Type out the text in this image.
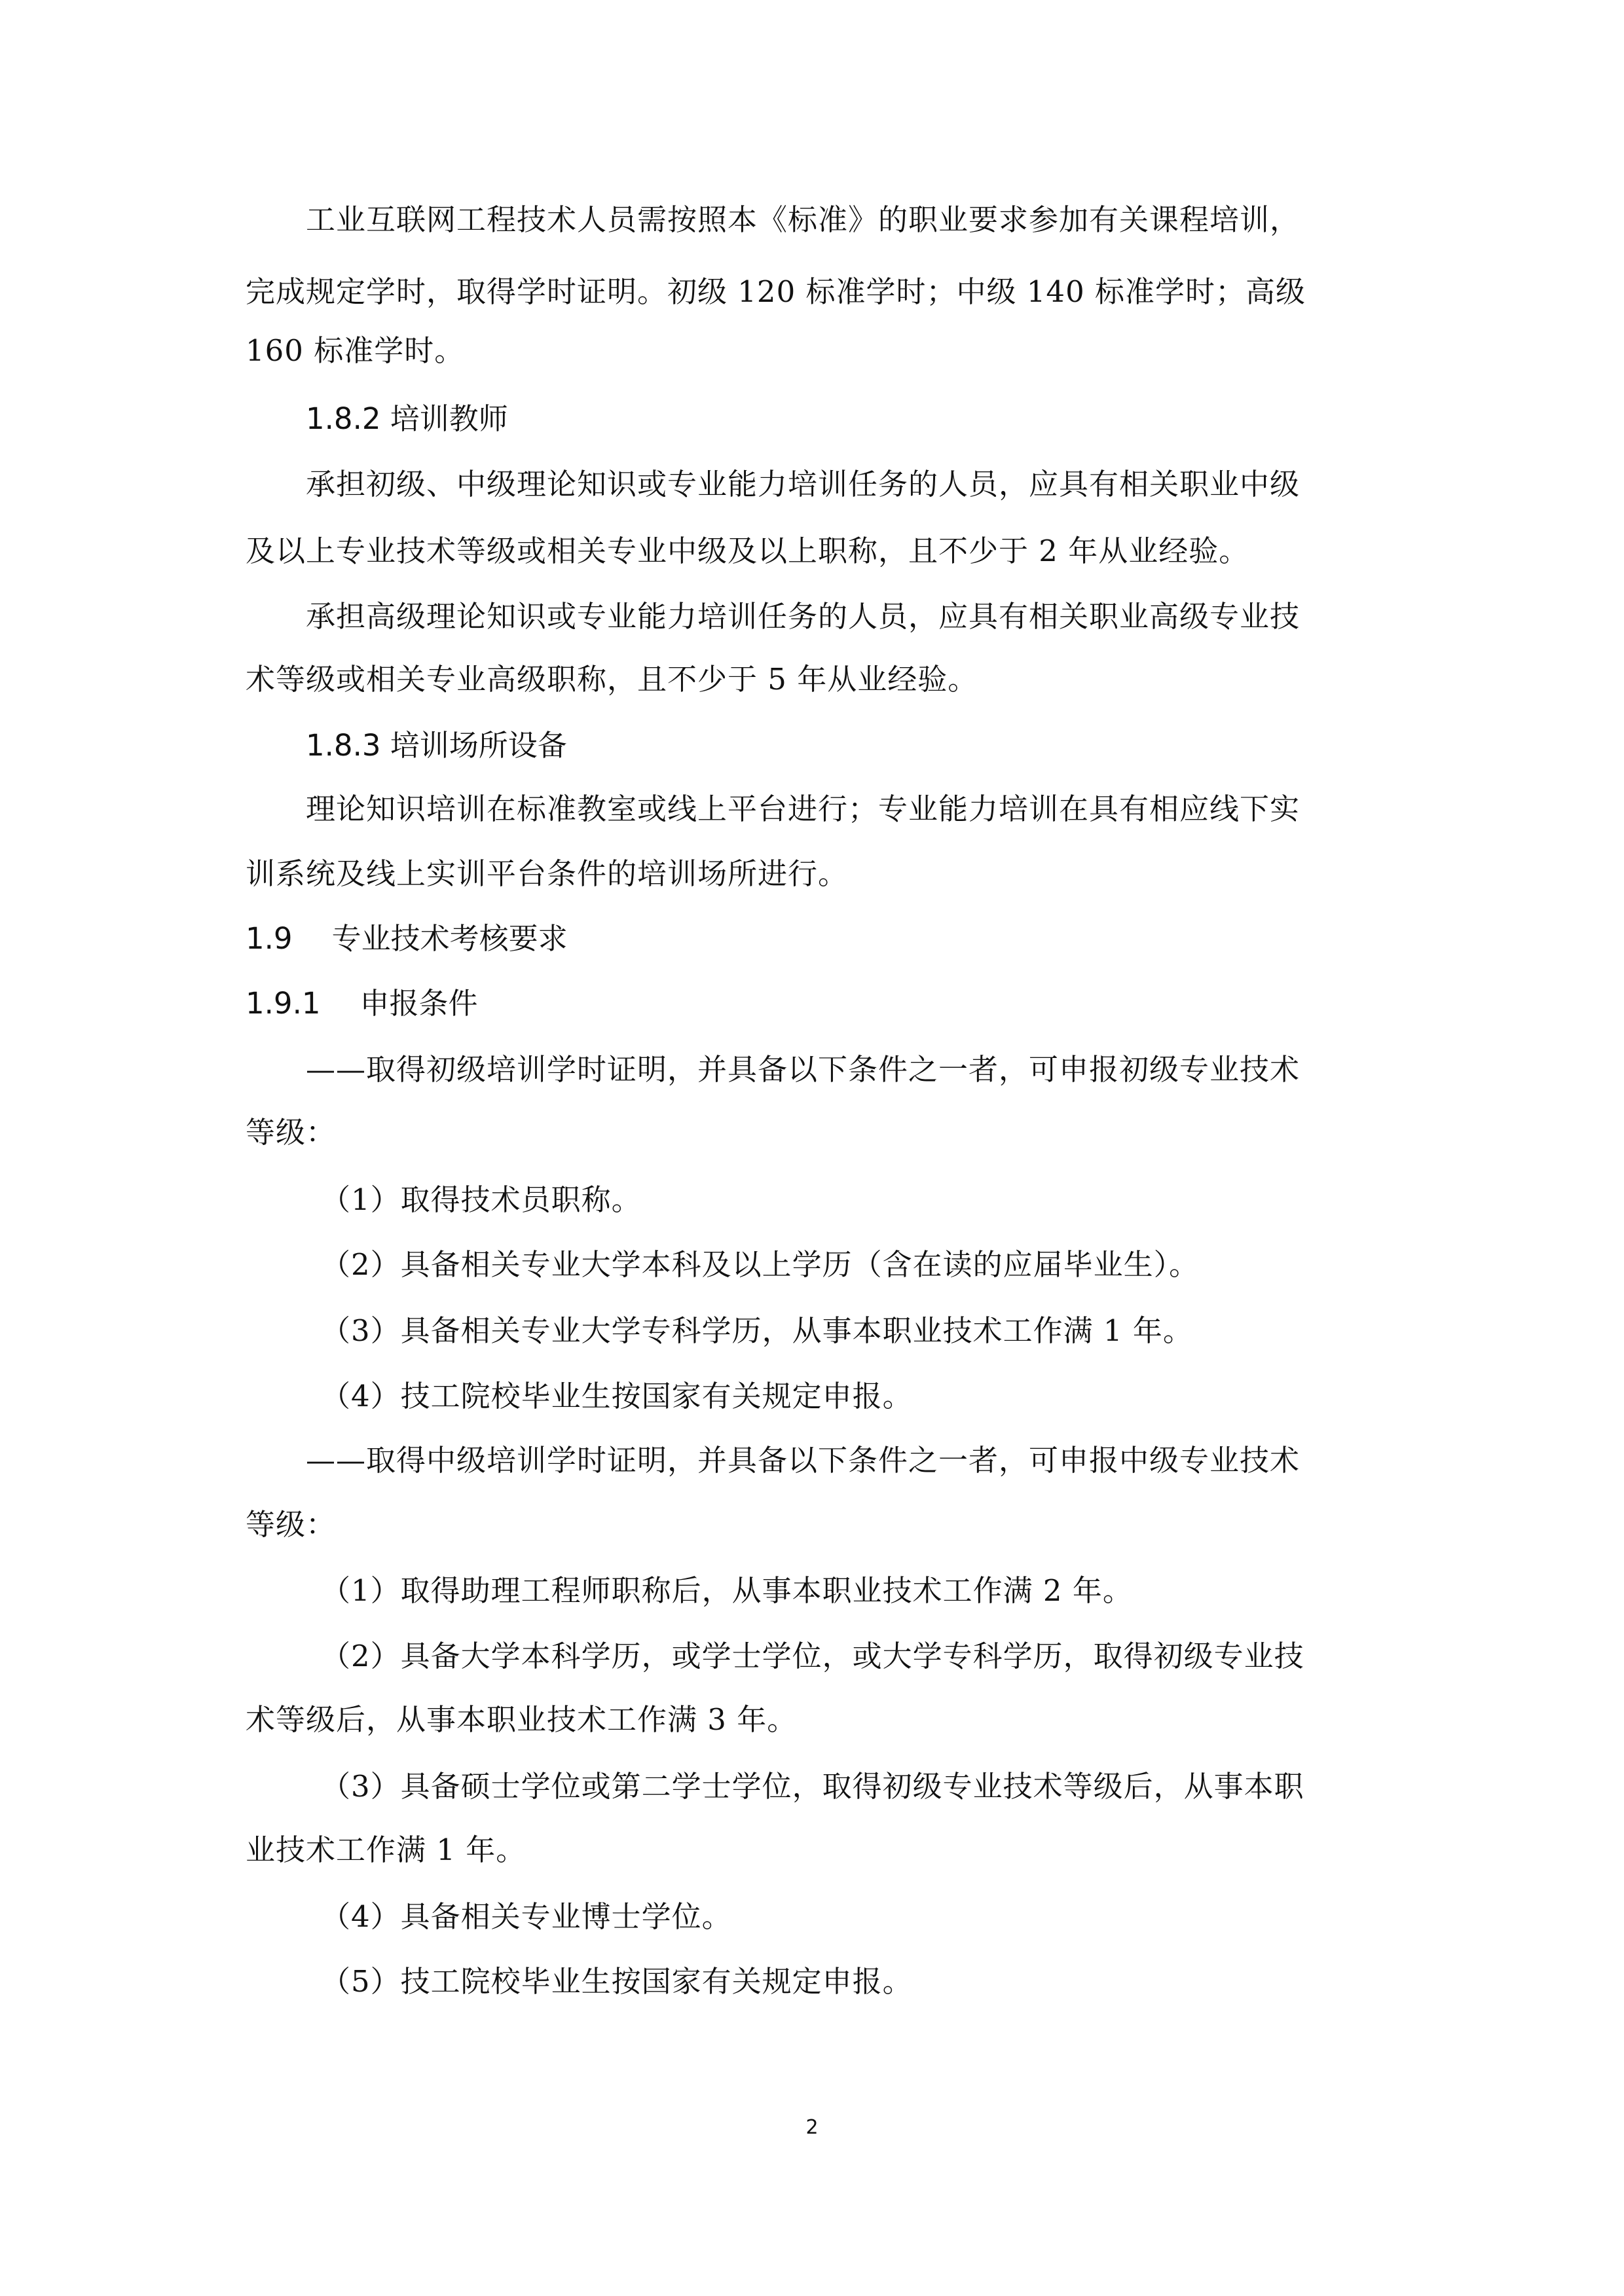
工业互联网工程技术人员需按照本《标准》的职业要求参加有关课程培训，

完成规定学时，取得学时证明。初级 120 标准学时；中级 140 标准学时；高级

160 标准学时。

1.8.2 培训教师

承担初级、中级理论知识或专业能力培训任务的人员，应具有相关职业中级

及以上专业技术等级或相关专业中级及以上职称，且不少于 2 年从业经验。

承担高级理论知识或专业能力培训任务的人员，应具有相关职业高级专业技

术等级或相关专业高级职称，且不少于 5 年从业经验。

1.8.3 培训场所设备

理论知识培训在标准教室或线上平台进行；专业能力培训在具有相应线下实

训系统及线上实训平台条件的培训场所进行。

1.9 专业技术考核要求

1.9.1 申报条件

——取得初级培训学时证明，并具备以下条件之一者，可申报初级专业技术

等级：

（1）取得技术员职称。

（2）具备相关专业大学本科及以上学历（含在读的应届毕业生）。

（3）具备相关专业大学专科学历，从事本职业技术工作满 1 年。

（4）技工院校毕业生按国家有关规定申报。

——取得中级培训学时证明，并具备以下条件之一者，可申报中级专业技术

等级：

（1）取得助理工程师职称后，从事本职业技术工作满 2 年。

（2）具备大学本科学历，或学士学位，或大学专科学历，取得初级专业技

术等级后，从事本职业技术工作满 3 年。

（3）具备硕士学位或第二学士学位，取得初级专业技术等级后，从事本职

业技术工作满 1 年。

（4）具备相关专业博士学位。

（5）技工院校毕业生按国家有关规定申报。

2
